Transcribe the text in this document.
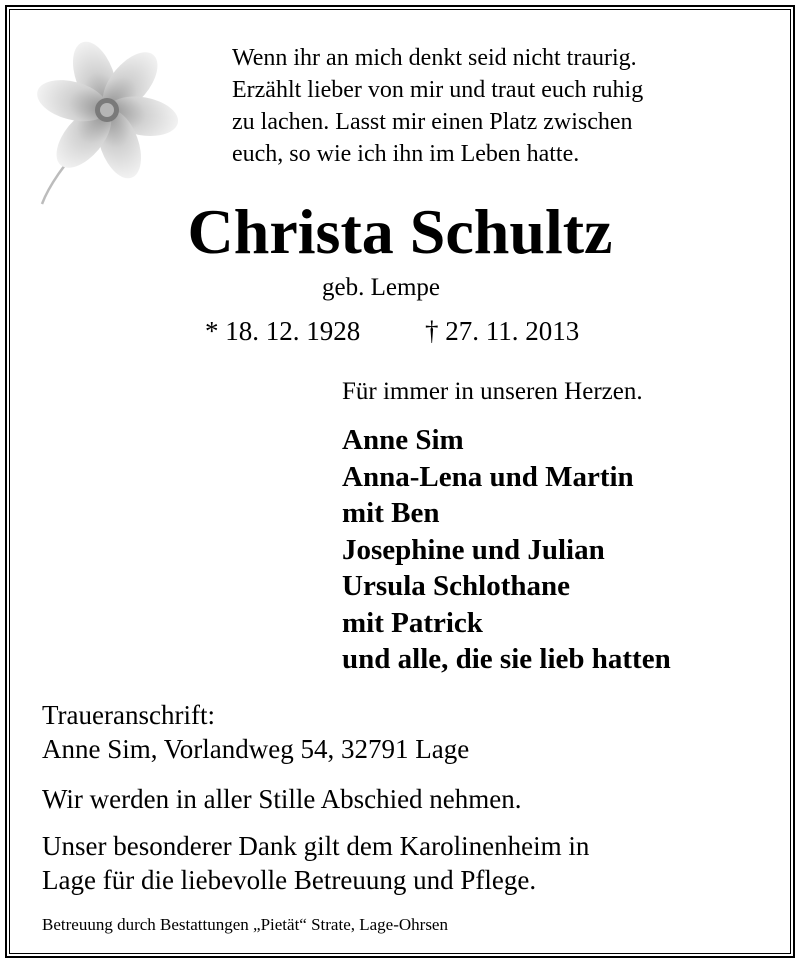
Wenn ihr an mich denkt seid nicht traurig.
Erzählt lieber von mir und traut euch ruhig
zu lachen. Lasst mir einen Platz zwischen
euch, so wie ich ihn im Leben hatte.
Christa Schultz
geb. Lempe
* 18. 12. 1928 † 27. 11. 2013
Für immer in unseren Herzen.
Anne Sim
Anna-Lena und Martin
mit Ben
Josephine und Julian
Ursula Schlothane
mit Patrick
und alle, die sie lieb hatten
Traueranschrift:
Anne Sim, Vorlandweg 54, 32791 Lage
Wir werden in aller Stille Abschied nehmen.
Unser besonderer Dank gilt dem Karolinenheim in
Lage für die liebevolle Betreuung und Pflege.
Betreuung durch Bestattungen „Pietät“ Strate, Lage-Ohrsen
